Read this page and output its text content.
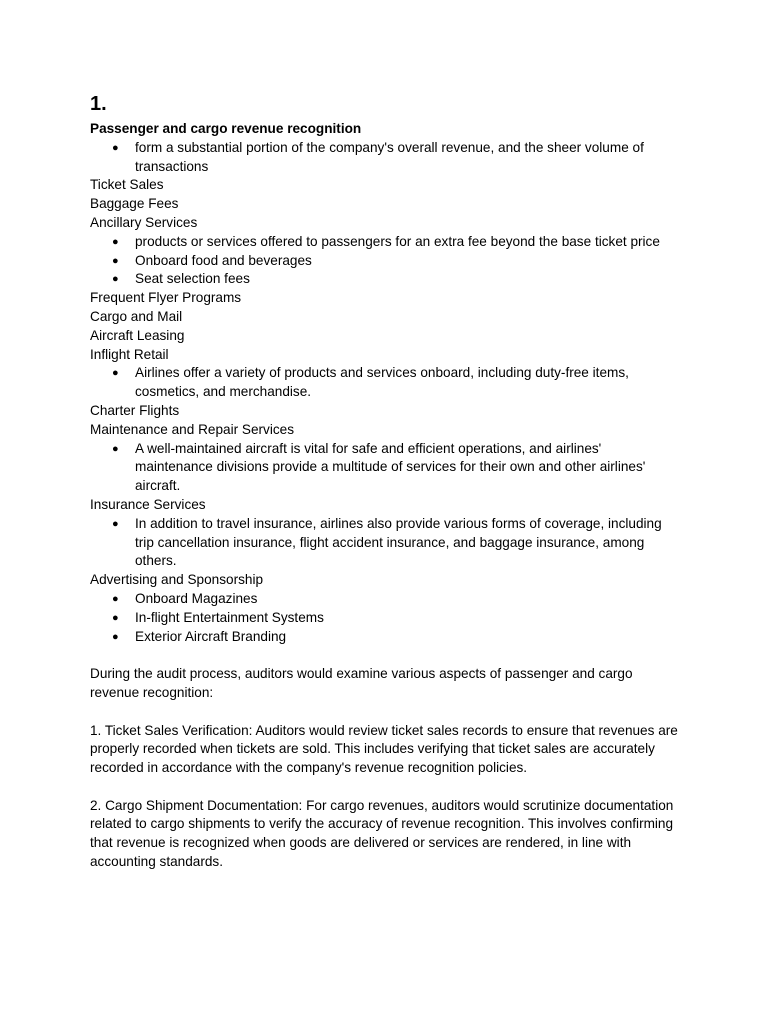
1.
Passenger and cargo revenue recognition
● form a substantial portion of the company's overall revenue, and the sheer volume of transactions
Ticket Sales
Baggage Fees
Ancillary Services
● products or services offered to passengers for an extra fee beyond the base ticket price
● Onboard food and beverages
● Seat selection fees
Frequent Flyer Programs
Cargo and Mail
Aircraft Leasing
Inflight Retail
● Airlines offer a variety of products and services onboard, including duty-free items, cosmetics, and merchandise.
Charter Flights
Maintenance and Repair Services
● A well-maintained aircraft is vital for safe and efficient operations, and airlines' maintenance divisions provide a multitude of services for their own and other airlines' aircraft.
Insurance Services
● In addition to travel insurance, airlines also provide various forms of coverage, including trip cancellation insurance, flight accident insurance, and baggage insurance, among others.
Advertising and Sponsorship
● Onboard Magazines
● In-flight Entertainment Systems
● Exterior Aircraft Branding

During the audit process, auditors would examine various aspects of passenger and cargo revenue recognition:

1. Ticket Sales Verification: Auditors would review ticket sales records to ensure that revenues are properly recorded when tickets are sold. This includes verifying that ticket sales are accurately recorded in accordance with the company's revenue recognition policies.

2. Cargo Shipment Documentation: For cargo revenues, auditors would scrutinize documentation related to cargo shipments to verify the accuracy of revenue recognition. This involves confirming that revenue is recognized when goods are delivered or services are rendered, in line with accounting standards.
